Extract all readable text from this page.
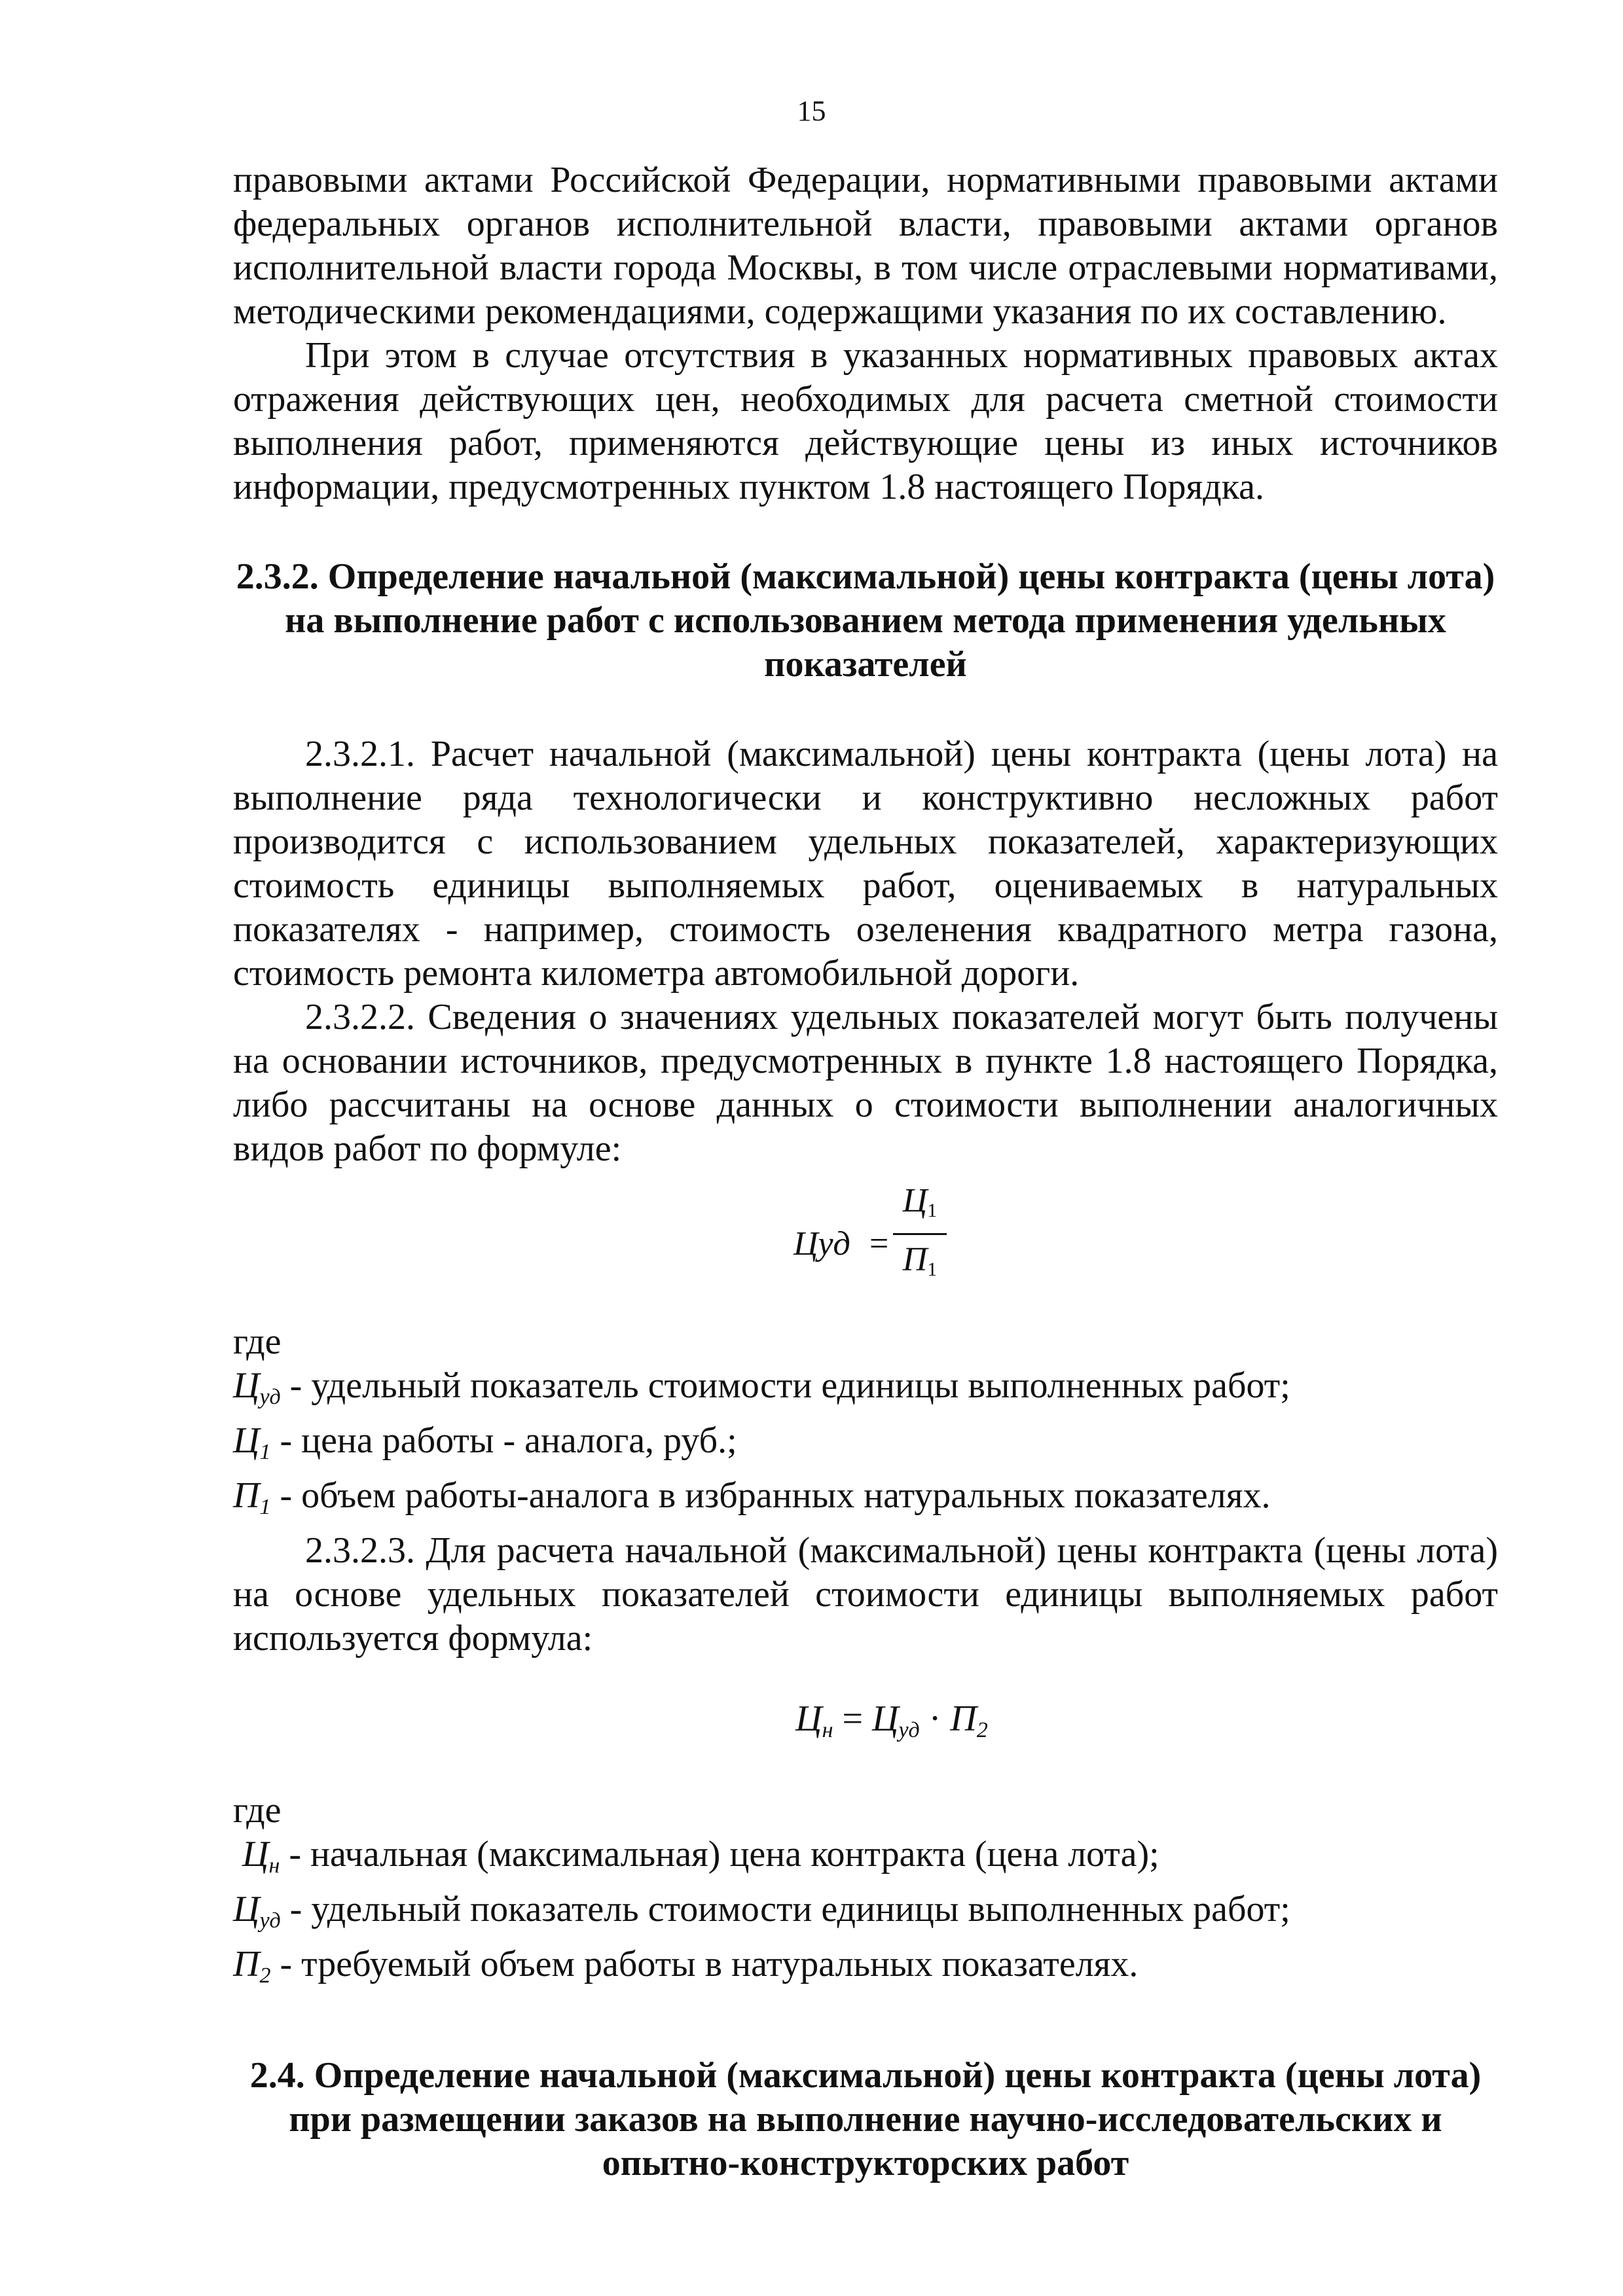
15

правовыми актами Российской Федерации, нормативными правовыми актами федеральных органов исполнительной власти, правовыми актами органов исполнительной власти города Москвы, в том числе отраслевыми нормативами, методическими рекомендациями, содержащими указания по их составлению.

При этом в случае отсутствия в указанных нормативных правовых актах отражения действующих цен, необходимых для расчета сметной стоимости выполнения работ, применяются действующие цены из иных источников информации, предусмотренных пунктом 1.8 настоящего Порядка.

2.3.2. Определение начальной (максимальной) цены контракта (цены лота) на выполнение работ с использованием метода применения удельных показателей

2.3.2.1. Расчет начальной (максимальной) цены контракта (цены лота) на выполнение ряда технологически и конструктивно несложных работ производится с использованием удельных показателей, характеризующих стоимость единицы выполняемых работ, оцениваемых в натуральных показателях - например, стоимость озеленения квадратного метра газона, стоимость ремонта километра автомобильной дороги.

2.3.2.2. Сведения о значениях удельных показателей могут быть получены на основании источников, предусмотренных в пункте 1.8 настоящего Порядка, либо рассчитаны на основе данных о стоимости выполнении аналогичных видов работ по формуле:

Цуд =
$Ц_1$
$П_1$

где

Цуд - удельный показатель стоимости единицы выполненных работ;

Ц1 - цена работы - аналога, руб.;

П1 - объем работы-аналога в избранных натуральных показателях.

2.3.2.3. Для расчета начальной (максимальной) цены контракта (цены лота) на основе удельных показателей стоимости единицы выполняемых работ используется формула:

Цн = Цуд · П2

где

Цн - начальная (максимальная) цена контракта (цена лота);

Цуд - удельный показатель стоимости единицы выполненных работ;

П2 - требуемый объем работы в натуральных показателях.

2.4. Определение начальной (максимальной) цены контракта (цены лота) при размещении заказов на выполнение научно-исследовательских и опытно-конструкторских работ
